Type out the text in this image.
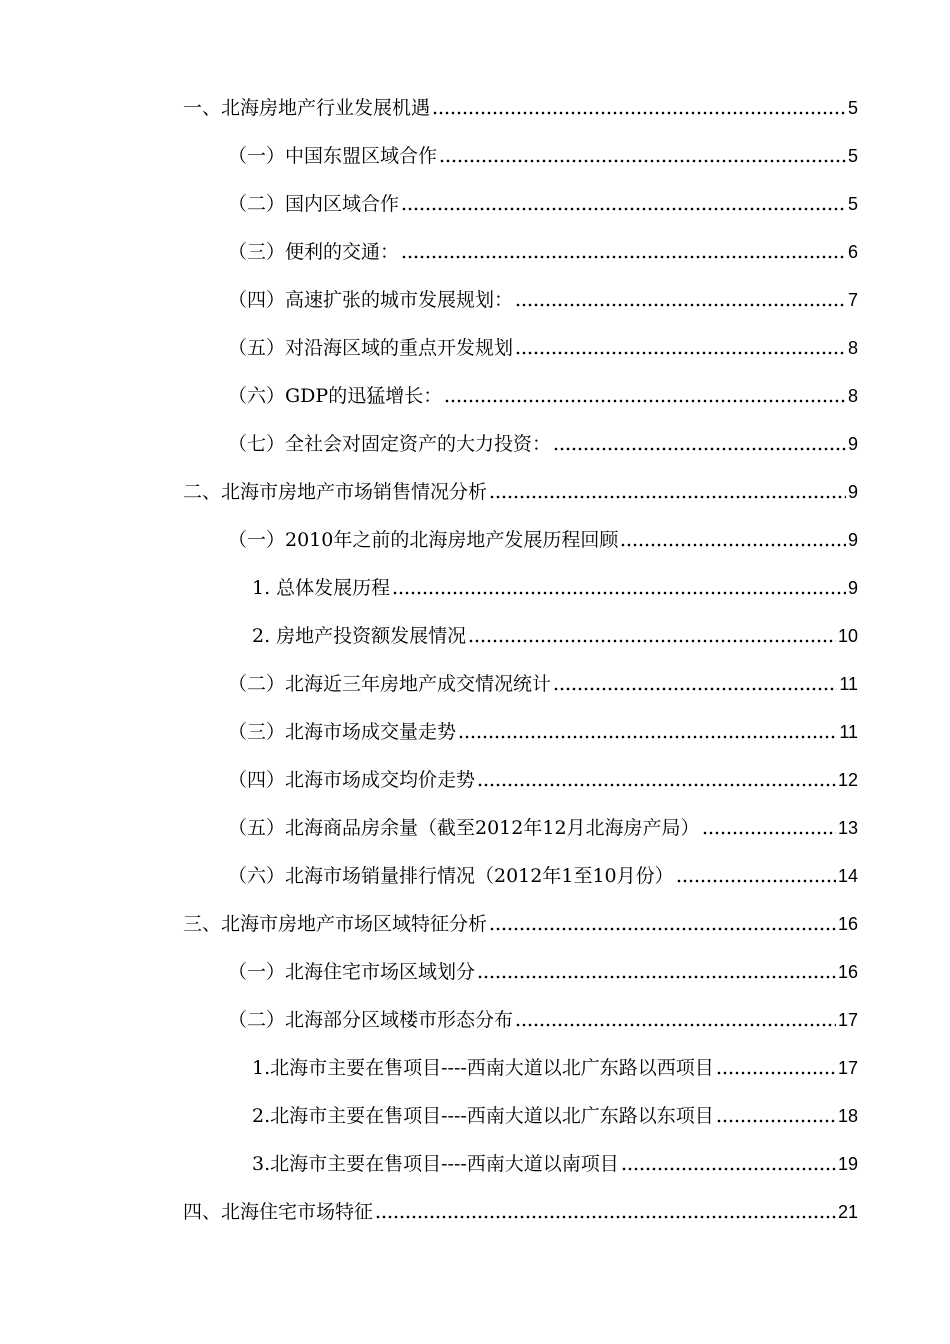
一、北海房地产行业发展机遇	5
（一）中国东盟区域合作	5
（二）国内区域合作	5
（三）便利的交通：	6
（四）高速扩张的城市发展规划：	7
（五）对沿海区域的重点开发规划	8
（六）GDP的迅猛增长：	8
（七）全社会对固定资产的大力投资：	9
二、北海市房地产市场销售情况分析	9
（一）2010年之前的北海房地产发展历程回顾	9
1. 总体发展历程	9
2. 房地产投资额发展情况	10
（二）北海近三年房地产成交情况统计	11
（三）北海市场成交量走势	11
（四）北海市场成交均价走势	12
（五）北海商品房余量（截至2012年12月北海房产局）	13
（六）北海市场销量排行情况（2012年1至10月份）	14
三、北海市房地产市场区域特征分析	16
（一）北海住宅市场区域划分	16
（二）北海部分区域楼市形态分布	17
1.北海市主要在售项目----西南大道以北广东路以西项目	17
2.北海市主要在售项目----西南大道以北广东路以东项目	18
3.北海市主要在售项目----西南大道以南项目	19
四、北海住宅市场特征	21
